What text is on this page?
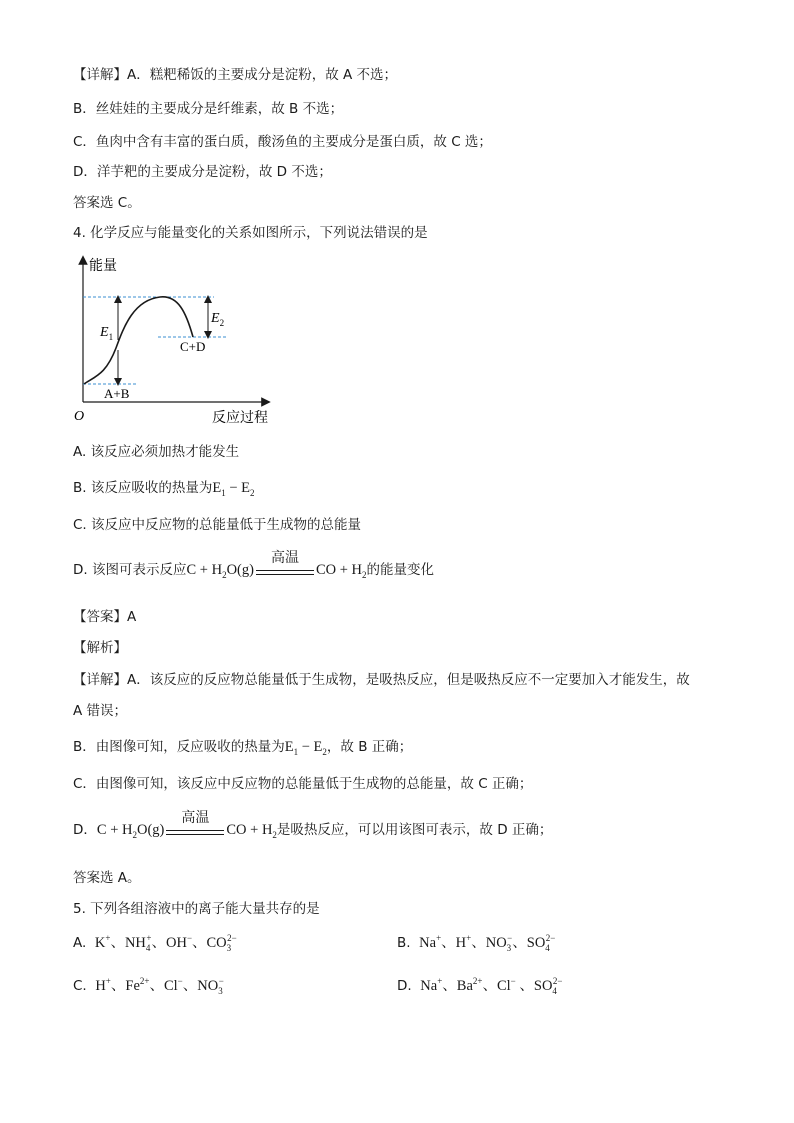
【详解】A．糕粑稀饭的主要成分是淀粉，故 A 不选；
B．丝娃娃的主要成分是纤维素，故 B 不选；
C．鱼肉中含有丰富的蛋白质，酸汤鱼的主要成分是蛋白质，故 C 选；
D．洋芋粑的主要成分是淀粉，故 D 不选；
答案选 C。
4. 化学反应与能量变化的关系如图所示，下列说法错误的是
能量
反应过程
O
$E_1$
$E_2$
C+D
A+B
A. 该反应必须加热才能发生
B. 该反应吸收的热量为$E_1 - E_2$
C. 该反应中反应物的总能量低于生成物的总能量
D. 该图可表示反应$C + H_2O(g)$
高温
CO + $H_2$的能量变化
【答案】A
【解析】
【详解】A．该反应的反应物总能量低于生成物，是吸热反应，但是吸热反应不一定要加入才能发生，故
A 错误；
B．由图像可知，反应吸收的热量为$E_1 - E_2$，故 B 正确；
C．由图像可知，该反应中反应物的总能量低于生成物的总能量，故 C 正确；
D．$C + H_2O(g)$
高温
CO + $H_2$是吸热反应，可以用该图可表示，故 D 正确；
答案选 A。
5. 下列各组溶液中的离子能大量共存的是
A. K+、$NH_4^+$、OH−、$CO_3^{2-}$	B. Na+、H+、$NO_3^-$、$SO_4^{2-}$
C. H+、$Fe^{2+}$、Cl−、$NO_3^-$	D. Na+、$Ba^{2+}$、Cl− 、$SO_4^{2-}$
